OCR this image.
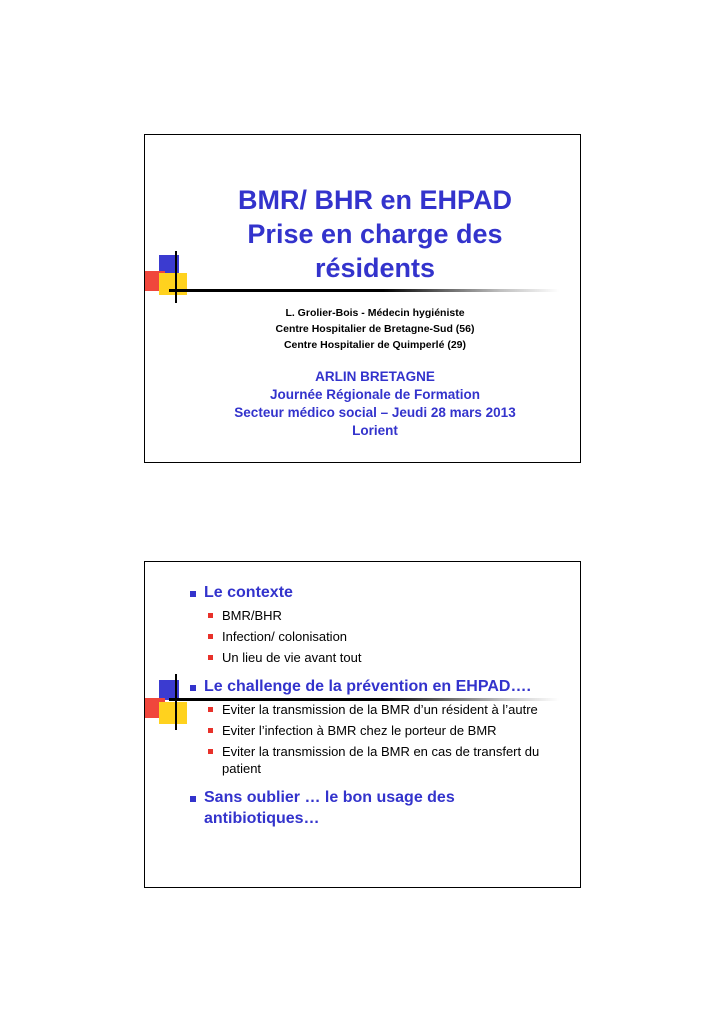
BMR/ BHR en EHPAD
Prise en charge des
résidents
L. Grolier-Bois - Médecin hygiéniste
Centre Hospitalier de Bretagne-Sud (56)
Centre Hospitalier de Quimperlé (29)
ARLIN BRETAGNE
Journée Régionale de Formation
Secteur médico social – Jeudi 28 mars 2013
Lorient
Le contexte
BMR/BHR
Infection/ colonisation
Un lieu de vie avant tout
Le challenge de la prévention en EHPAD….
Eviter la transmission de la BMR d’un résident à l’autre
Eviter l’infection à BMR chez le porteur de BMR
Eviter la transmission de la BMR en cas de transfert du patient
Sans oublier … le bon usage des antibiotiques…
